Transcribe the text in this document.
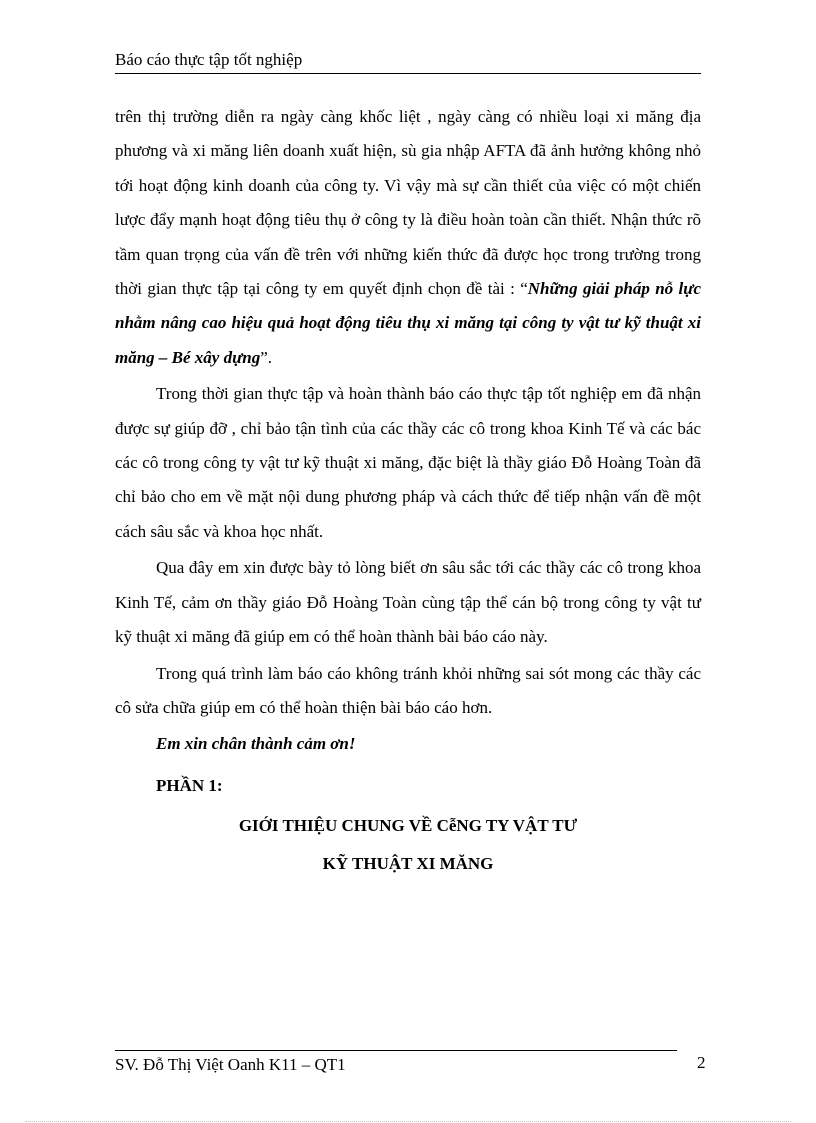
Báo cáo thực tập tốt nghiệp

trên thị trường diễn ra ngày càng khốc liệt , ngày càng có nhiều loại xi măng địa phương và xi măng liên doanh xuất hiện, sù gia nhập AFTA đã ảnh hưởng không nhỏ tới hoạt động kinh doanh của công ty. Vì vậy mà sự cần thiết của việc có một chiến lược đẩy mạnh hoạt động tiêu thụ ở công ty là điều hoàn toàn cần thiết. Nhận thức rõ tầm quan trọng của vấn đề trên với những kiến thức đã được học trong trường trong thời gian thực tập tại công ty em quyết định chọn đề tài : “Những giải pháp nỗ lực nhằm nâng cao hiệu quả hoạt động tiêu thụ xi măng tại công ty vật tư kỹ thuật xi măng – Bé xây dựng”.

Trong thời gian thực tập và hoàn thành báo cáo thực tập tốt nghiệp em đã nhận được sự giúp đỡ , chỉ bảo tận tình của các thầy các cô trong khoa Kinh Tế và các bác các cô trong công ty vật tư kỹ thuật xi măng, đặc biệt là thầy giáo Đỗ Hoàng Toàn đã chỉ bảo cho em về mặt nội dung phương pháp và cách thức để tiếp nhận vấn đề một cách sâu sắc và khoa học nhất.

Qua đây em xin được bày tỏ lòng biết ơn sâu sắc tới các thầy các cô trong khoa Kinh Tế, cảm ơn thầy giáo Đỗ Hoàng Toàn cùng tập thể cán bộ trong công ty vật tư kỹ thuật xi măng đã giúp em có thể hoàn thành bài báo cáo này.

Trong quá trình làm báo cáo không tránh khỏi những sai sót mong các thầy các cô sửa chữa giúp em có thể hoàn thiện bài báo cáo hơn.

Em xin chân thành cảm ơn!

PHẦN 1:

GIỚI THIỆU CHUNG VỀ CễNG TY VẬT TƯ

KỸ THUẬT XI MĂNG

SV. Đỗ Thị Việt Oanh K11 – QT1	2
